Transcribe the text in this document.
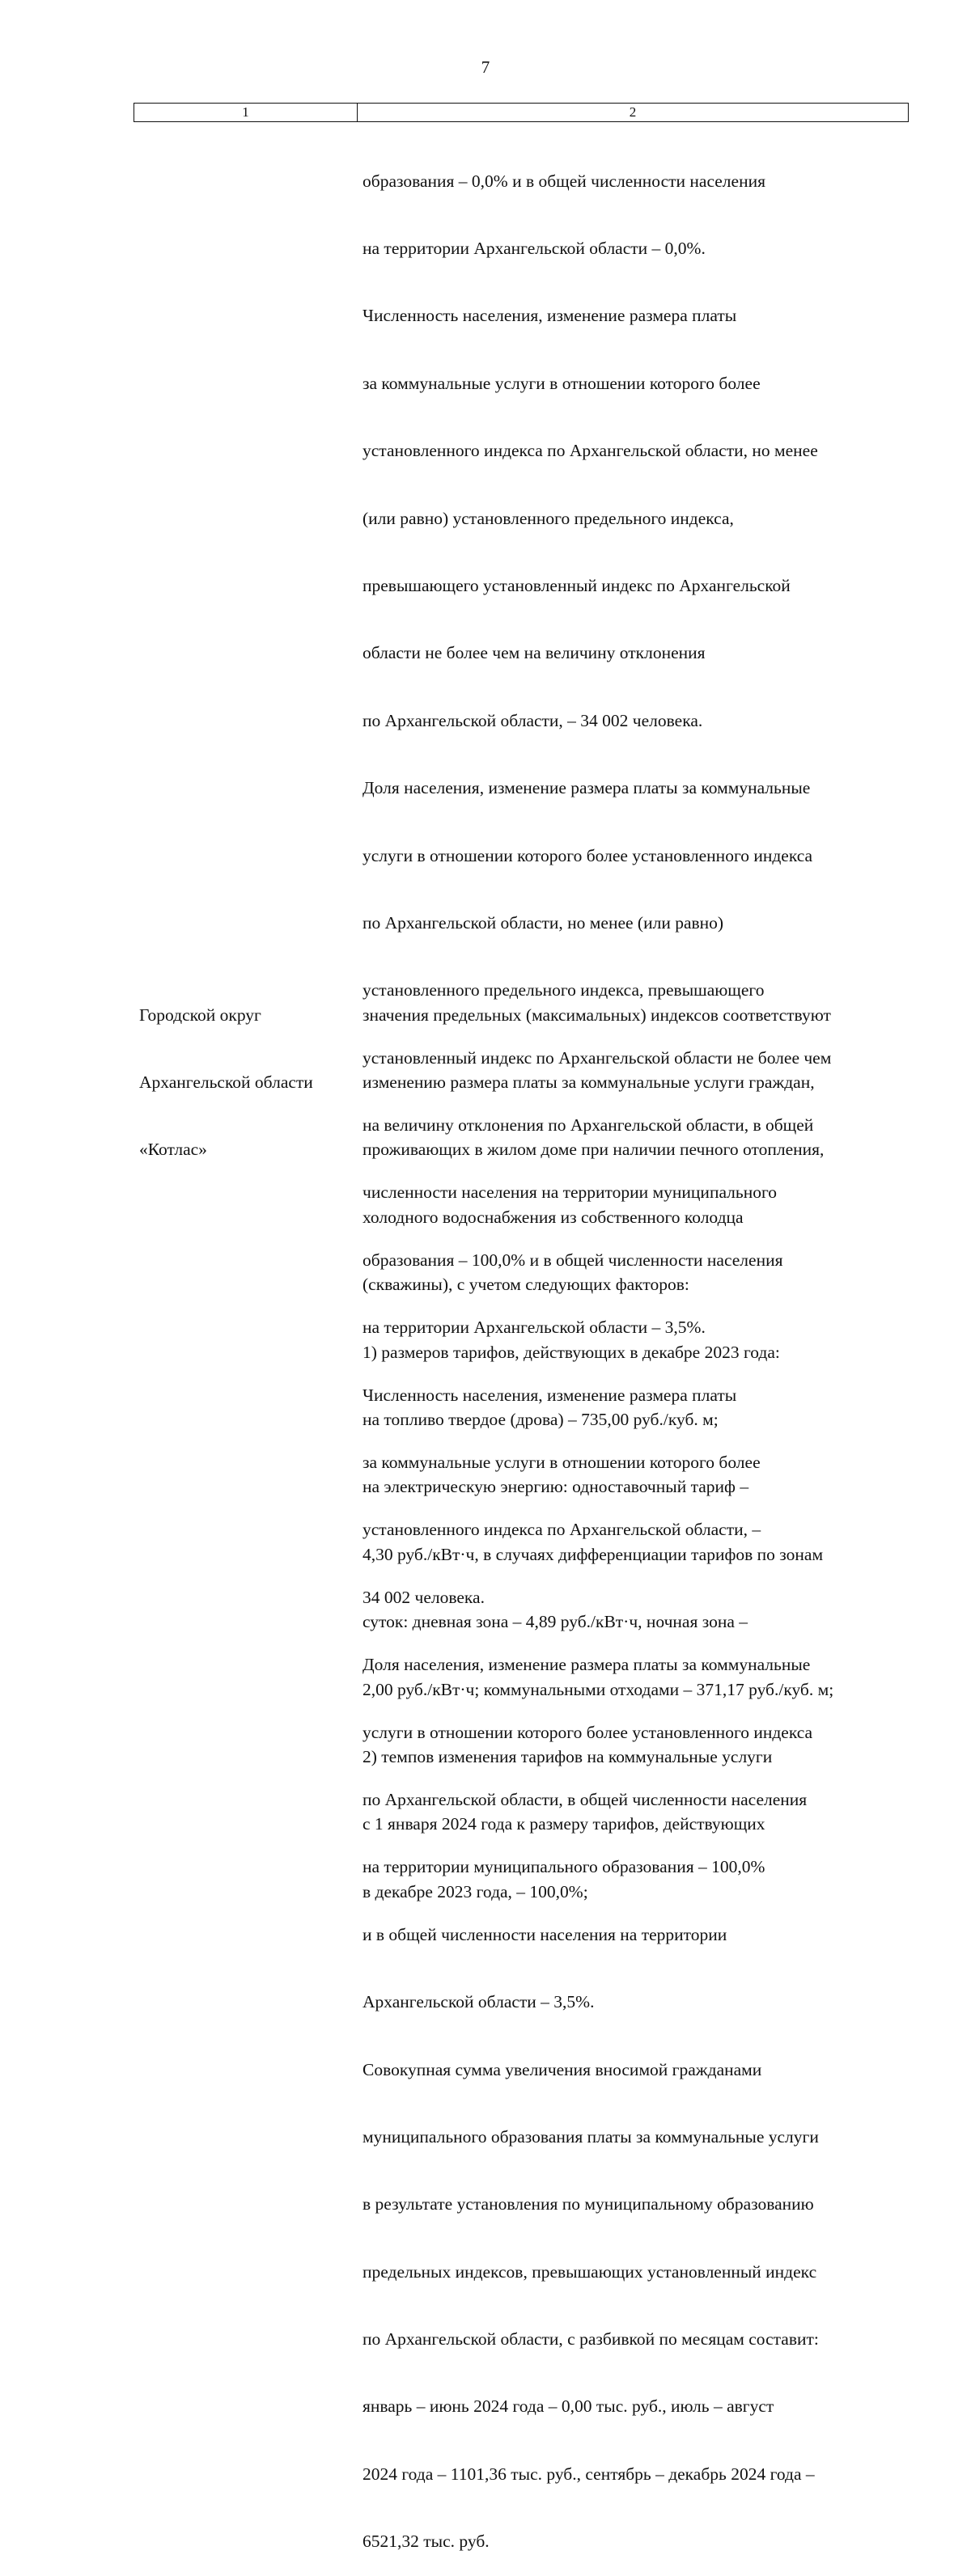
7
1	2

образования – 0,0% и в общей численности населения

на территории Архангельской области – 0,0%.

Численность населения, изменение размера платы

за коммунальные услуги в отношении которого более

установленного индекса по Архангельской области, но менее

(или равно) установленного предельного индекса,

превышающего установленный индекс по Архангельской

области не более чем на величину отклонения

по Архангельской области, – 34 002 человека.

Доля населения, изменение размера платы за коммунальные

услуги в отношении которого более установленного индекса

по Архангельской области, но менее (или равно)

установленного предельного индекса, превышающего

установленный индекс по Архангельской области не более чем

на величину отклонения по Архангельской области, в общей

численности населения на территории муниципального

образования – 100,0% и в общей численности населения

на территории Архангельской области – 3,5%.

Численность населения, изменение размера платы

за коммунальные услуги в отношении которого более

установленного индекса по Архангельской области, –

34 002 человека.

Доля населения, изменение размера платы за коммунальные

услуги в отношении которого более установленного индекса

по Архангельской области, в общей численности населения

на территории муниципального образования – 100,0%

и в общей численности населения на территории

Архангельской области – 3,5%.

Совокупная сумма увеличения вносимой гражданами

муниципального образования платы за коммунальные услуги

в результате установления по муниципальному образованию

предельных индексов, превышающих установленный индекс

по Архангельской области, с разбивкой по месяцам составит:

январь – июнь 2024 года – 0,00 тыс. руб., июль – август

2024 года – 1101,36 тыс. руб., сентябрь – декабрь 2024 года –

6521,32 тыс. руб.

Городской округ

Архангельской области

«Котлас»

значения предельных (максимальных) индексов соответствуют

изменению размера платы за коммунальные услуги граждан,

проживающих в жилом доме при наличии печного отопления,

холодного водоснабжения из собственного колодца

(скважины), с учетом следующих факторов:

1) размеров тарифов, действующих в декабре 2023 года:

на топливо твердое (дрова) – 735,00 руб./куб. м;

на электрическую энергию: одноставочный тариф –

4,30 руб./кВт·ч, в случаях дифференциации тарифов по зонам

суток: дневная зона – 4,89 руб./кВт·ч, ночная зона –

2,00 руб./кВт·ч; коммунальными отходами – 371,17 руб./куб. м;

2) темпов изменения тарифов на коммунальные услуги

с 1 января 2024 года к размеру тарифов, действующих

в декабре 2023 года, – 100,0%;
